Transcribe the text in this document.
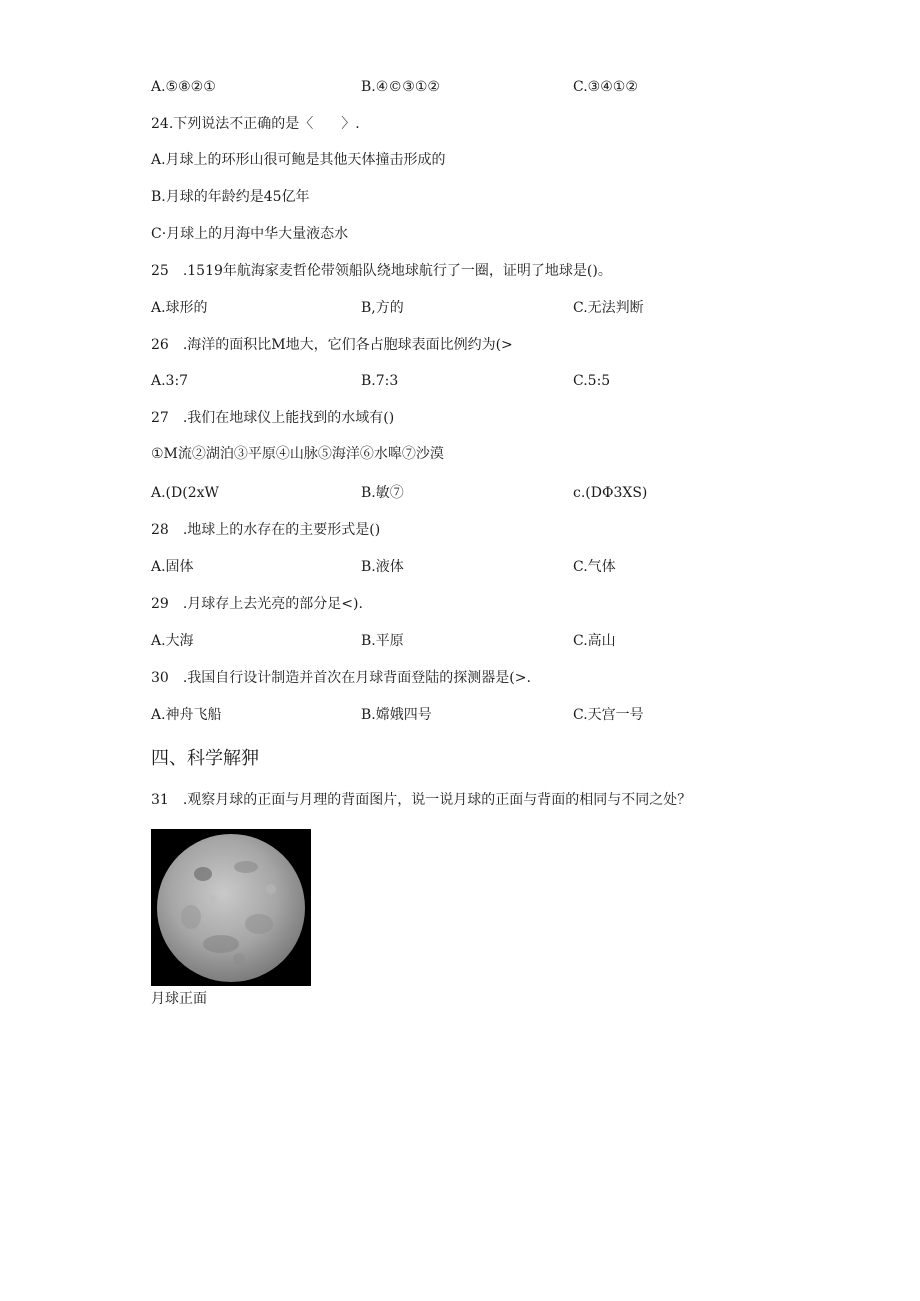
A.⑤⑧②①	B.④©③①②	C.③④①②
24.下列说法不正确的是〈　　〉.
A.月球上的环形山很可鲍是其他天体撞击形成的
B.月球的年龄约是45亿年
C·月球上的月海中华大量液态水
25　.1519年航海家麦哲伦带领船队绕地球航行了一圈，证明了地球是()。
A.球形的	B,方的	C.无法判断
26　.海洋的面积比M地大，它们各占胞球表面比例约为(>
A.3:7	B.7:3	C.5:5
27　.我们在地球仪上能找到的水域有()
①M流②湖泊③平原④山脉⑤海洋⑥水嗥⑦沙漠
A.(D(2xW	B.敏⑦	c.(DΦ3XS)
28　.地球上的水存在的主要形式是()
A.固体	B.液体	C.气体
29　.月球存上去光亮的部分足<).
A.大海	B.平原	C.高山
30　.我国自行设计制造并首次在月球背面登陆的探测器是(>.
A.神舟飞船	B.嫦娥四号	C.天宫一号
四、科学解狎
31　.观察月球的正面与月理的背面图片，说一说月球的正面与背面的相同与不同之处？
月球正面
